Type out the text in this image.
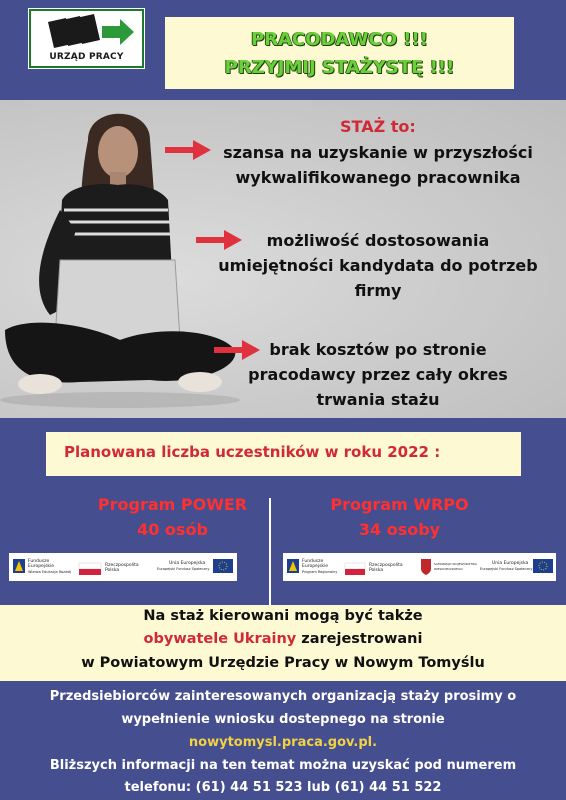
URZĄD PRACY
PRACODAWCO !!!
PRZYJMIJ STAŻYSTĘ !!!
STAŻ to:
szansa na uzyskanie w przyszłości
wykwalifikowanego pracownika
możliwość dostosowania
umiejętności kandydata do potrzeb
firmy
brak kosztów po stronie
pracodawcy przez cały okres
trwania stażu
Planowana liczba uczestników w roku 2022 :
Program POWER
40 osób
Program WRPO
34 osoby
Fundusze
Europejskie
Wiedza Edukacja Rozwój
Rzeczpospolita
Polska
Unia Europejska
Europejski Fundusz Społeczny
Fundusze
Europejskie
Program Regionalny
Rzeczpospolita
Polska
SAMORZĄD WOJEWÓDZTWA
WIELKOPOLSKIEGO
Unia Europejska
Europejski Fundusz Społeczny
Na staż kierowani mogą być także
obywatele Ukrainy zarejestrowani
w Powiatowym Urzędzie Pracy w Nowym Tomyślu
Przedsiebiorców zainteresowanych organizacją staży prosimy o
wypełnienie wniosku dostepnego na stronie
nowytomysl.praca.gov.pl.
Bliższych informacji na ten temat można uzyskać pod numerem
telefonu: (61) 44 51 523 lub (61) 44 51 522
